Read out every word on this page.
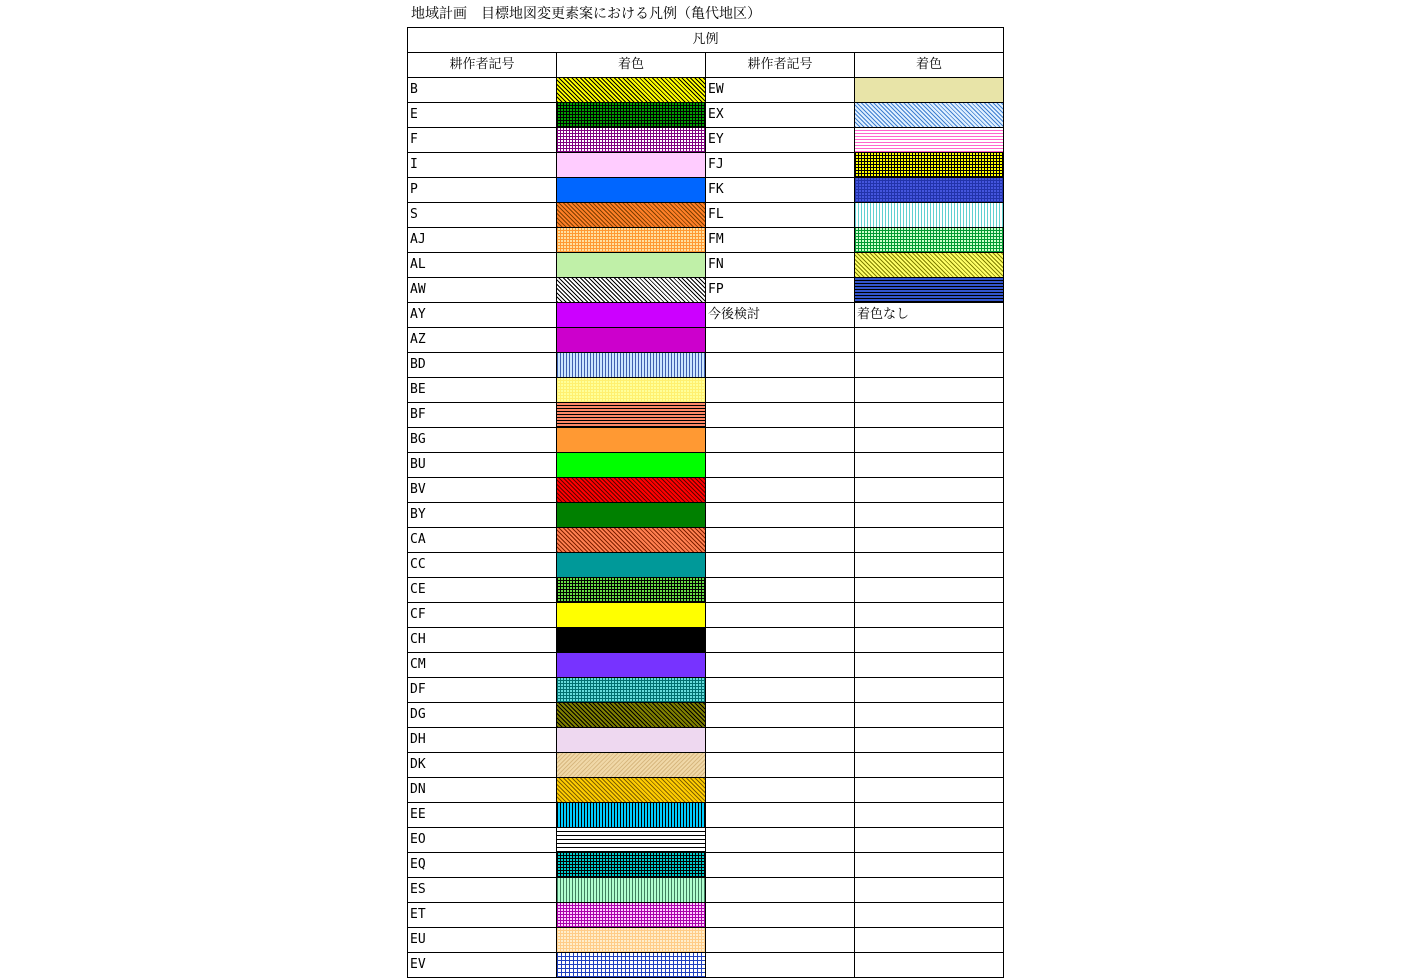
地域計画　目標地図変更素案における凡例（亀代地区）
凡例			
耕作者記号	着色	耕作者記号	着色
B		EW	

E		EX	

F		EY	

I		FJ	

P		FK	

S		FL	

AJ		FM	

AL		FN	

AW		FP	

AY		今後検討	着色なし
AZ	

BD	

BE	

BF	

BG	

BU	

BV	

BY	

CA	

CC	

CE	

CF	

CH	

CM	

DF	

DG	

DH	

DK	

DN	

EE	

EO	

EQ	

ES	

ET	

EU	

EV	
